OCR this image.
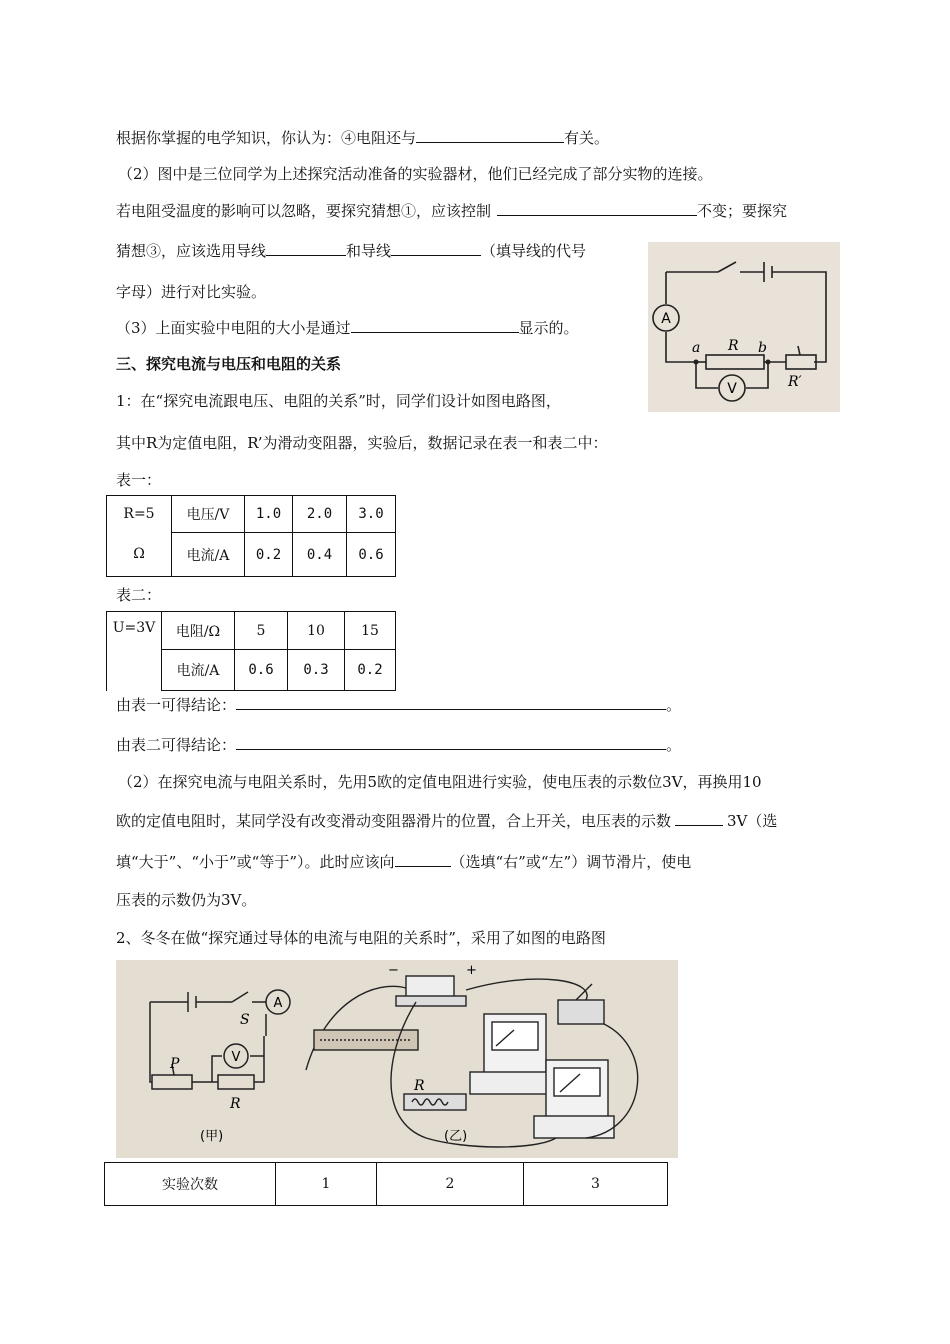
根据你掌握的电学知识，你认为：④电阻还与	有关。
（2）图中是三位同学为上述探究活动准备的实验器材，他们已经完成了部分实物的连接。
若电阻受温度的影响可以忽略，要探究猜想①，应该控制	不变；要探究
猜想③，应该选用导线	和导线	（填导线的代号
字母）进行对比实验。
（3）上面实验中电阻的大小是通过	显示的。
三、探究电流与电压和电阻的关系
1：在“探究电流跟电压、电阻的关系”时，同学们设计如图电路图，
其中R为定值电阻，R’为滑动变阻器，实验后，数据记录在表一和表二中：
表一：
A
V
a R b
R′
R=5	电压/V	1.0	2.0	3.0
Ω	电流/A	0.2	0.4	0.6
表二：
U=3V	电阻/Ω	5	10	15
	电流/A	0.6	0.3	0.2
由表一可得结论：	。
由表二可得结论：	。
（2）在探究电流与电阻关系时，先用5欧的定值电阻进行实验，使电压表的示数位3V，再换用10
欧的定值电阻时，某同学没有改变滑动变阻器滑片的位置，合上开关，电压表的示数	3V（选
填“大于”、“小于”或“等于”）。此时应该向	（选填“右”或“左”）调节滑片，使电
压表的示数仍为3V。
2、冬冬在做“探究通过导体的电流与电阻的关系时”，采用了如图的电路图
A
V
S
P
R
(甲)
−	+
R
(乙)
实验次数	1	2	3
